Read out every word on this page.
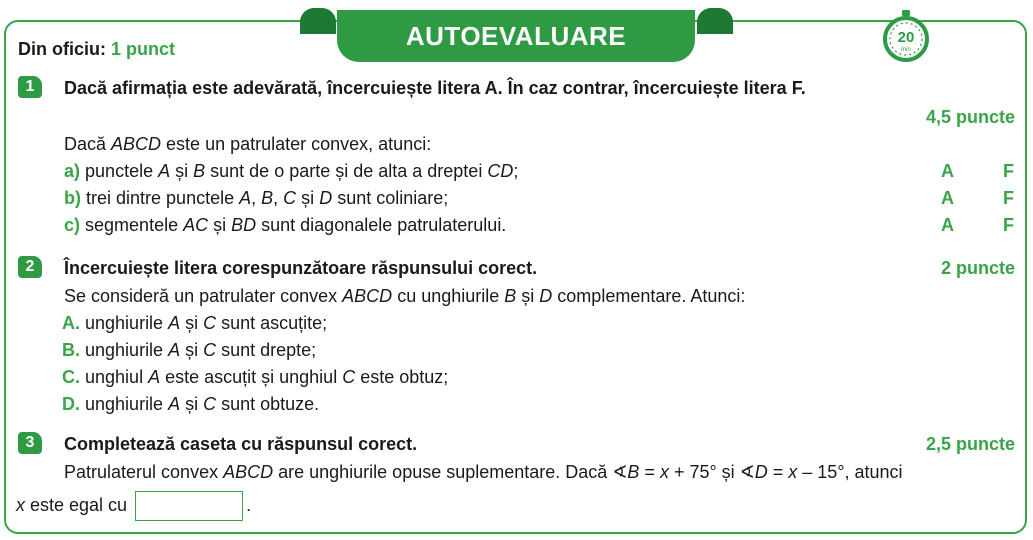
AUTOEVALUARE	20
min
Din oficiu: 1 punct
1	Dacă afirmația este adevărată, încercuiește litera A. În caz contrar, încercuiește litera F.
4,5 puncte
Dacă ABCD este un patrulater convex, atunci:
a) punctele A și B sunt de o parte și de alta a dreptei CD;	A	F
b) trei dintre punctele A, B, C și D sunt coliniare;	A	F
c) segmentele AC și BD sunt diagonalele patrulaterului.	A	F
2	Încercuiește litera corespunzătoare răspunsului corect.	2 puncte
Se consideră un patrulater convex ABCD cu unghiurile B și D complementare. Atunci:
A. unghiurile A și C sunt ascuțite;
B. unghiurile A și C sunt drepte;
C. unghiul A este ascuțit și unghiul C este obtuz;
D. unghiurile A și C sunt obtuze.
3	Completează caseta cu răspunsul corect.	2,5 puncte
Patrulaterul convex ABCD are unghiurile opuse suplementare. Dacă ∢B = x + 75° și ∢D = x – 15°, atunci
x este egal cu	.
